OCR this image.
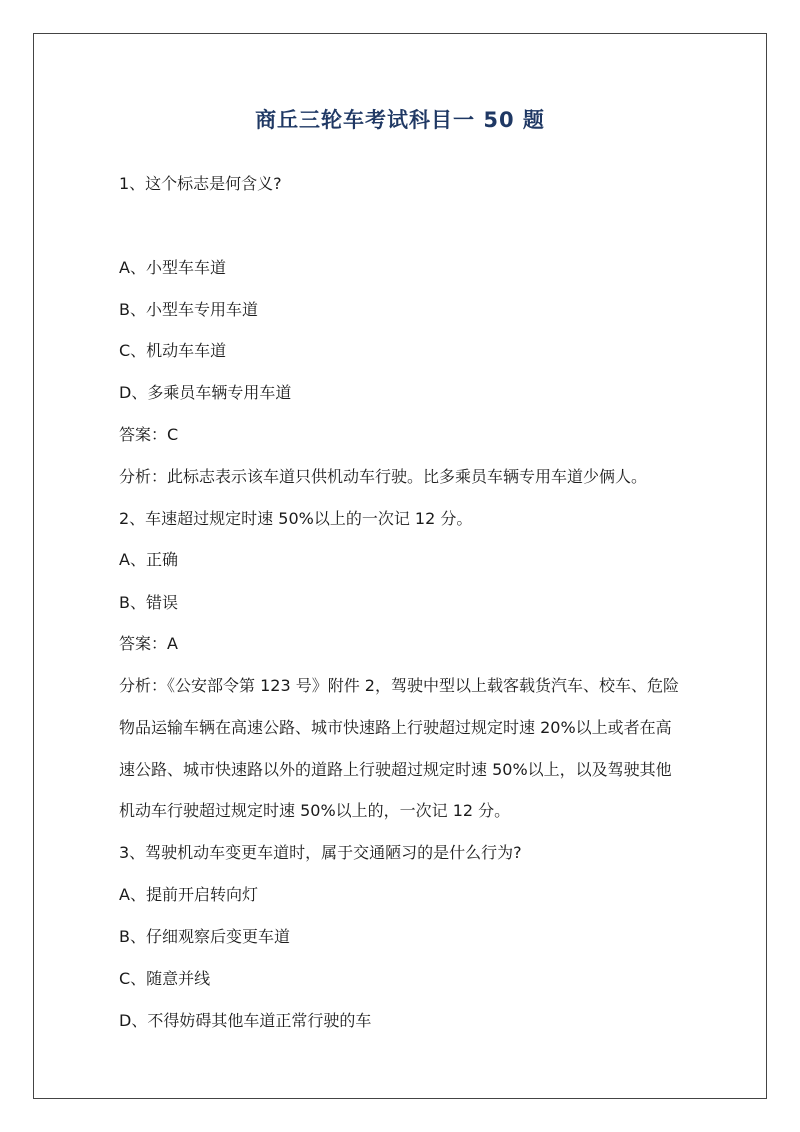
商丘三轮车考试科目一 50 题
1、这个标志是何含义?
A、小型车车道
B、小型车专用车道
C、机动车车道
D、多乘员车辆专用车道
答案：C
分析：此标志表示该车道只供机动车行驶。比多乘员车辆专用车道少俩人。
2、车速超过规定时速 50%以上的一次记 12 分。
A、正确
B、错误
答案：A
分析：《公安部令第 123 号》附件 2，驾驶中型以上载客载货汽车、校车、危险
物品运输车辆在高速公路、城市快速路上行驶超过规定时速 20%以上或者在高
速公路、城市快速路以外的道路上行驶超过规定时速 50%以上，以及驾驶其他
机动车行驶超过规定时速 50%以上的，一次记 12 分。
3、驾驶机动车变更车道时，属于交通陋习的是什么行为?
A、提前开启转向灯
B、仔细观察后变更车道
C、随意并线
D、不得妨碍其他车道正常行驶的车
